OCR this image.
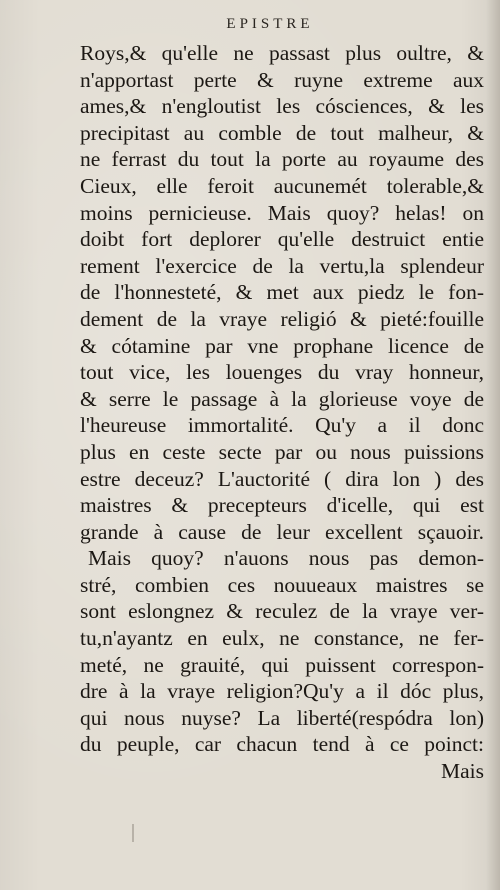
EPISTRE
Roys,& qu'elle ne passast plus oultre, &
n'apportast perte & ruyne extreme aux
ames,& n'engloutist les cósciences, & les
precipitast au comble de tout malheur, &
ne ferrast du tout la porte au royaume des
Cieux, elle feroit aucunemét tolerable,&
moins pernicieuse. Mais quoy? helas! on
doibt fort deplorer qu'elle destruict entie
rement l'exercice de la vertu,la splendeur
de l'honnesteté, & met aux piedz le fon-
dement de la vraye religió & pieté:fouille
& cótamine par vne prophane licence de
tout vice, les louenges du vray honneur,
& serre le passage à la glorieuse voye de
l'heureuse immortalité. Qu'y a il donc
plus en ceste secte par ou nous puissions
estre deceuz? L'auctorité ( dira lon ) des
maistres & precepteurs d'icelle, qui est
grande à cause de leur excellent sçauoir.
Mais quoy? n'auons nous pas demon-
stré, combien ces nouueaux maistres se
sont eslongnez & reculez de la vraye ver-
tu,n'ayantz en eulx, ne constance, ne fer-
meté, ne grauité, qui puissent correspon-
dre à la vraye religion?Qu'y a il dóc plus,
qui nous nuyse? La liberté(respódra lon)
du peuple, car chacun tend à ce poinct:
Mais
